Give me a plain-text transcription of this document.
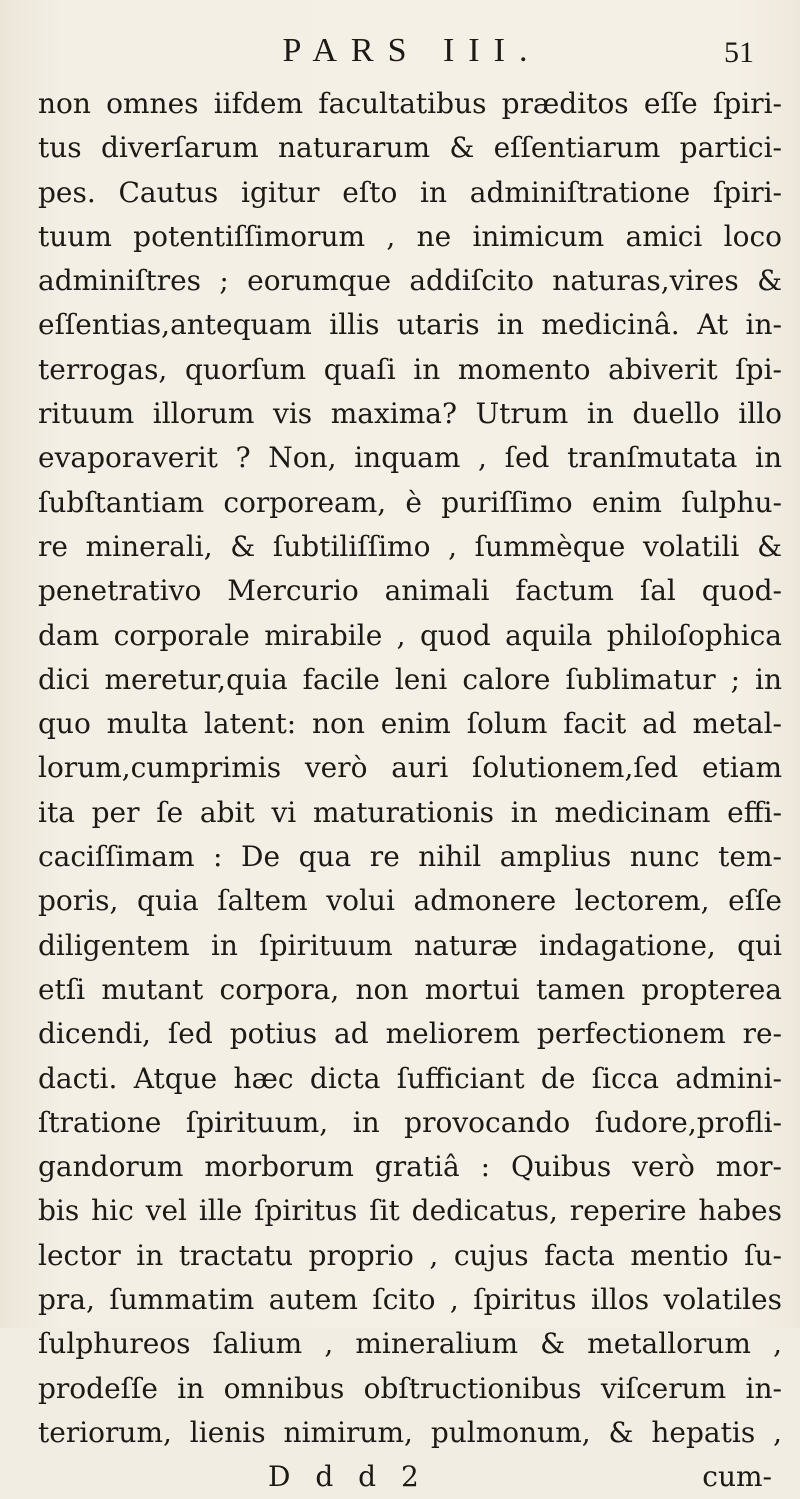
PARS III.	51
non omnes iifdem facultatibus præditos eſſe ſpiri-
tus diverſarum naturarum & eſſentiarum partici-
pes. Cautus igitur eſto in adminiſtratione ſpiri-
tuum potentiſſimorum , ne inimicum amici loco
adminiſtres ; eorumque addiſcito naturas,vires &
eſſentias,antequam illis utaris in medicinâ. At in-
terrogas, quorſum quaſi in momento abiverit ſpi-
rituum illorum vis maxima? Utrum in duello illo
evaporaverit ? Non, inquam , ſed tranſmutata in
ſubſtantiam corpoream, è puriſſimo enim ſulphu-
re minerali, & ſubtiliſſimo , ſummèque volatili &
penetrativo Mercurio animali factum ſal quod-
dam corporale mirabile , quod aquila philoſophica
dici meretur,quia facile leni calore ſublimatur ; in
quo multa latent: non enim ſolum facit ad metal-
lorum,cumprimis verò auri ſolutionem,ſed etiam
ita per ſe abit vi maturationis in medicinam effi-
caciſſimam : De qua re nihil amplius nunc tem-
poris, quia ſaltem volui admonere lectorem, eſſe
diligentem in ſpirituum naturæ indagatione, qui
etſi mutant corpora, non mortui tamen propterea
dicendi, ſed potius ad meliorem perfectionem re-
dacti. Atque hæc dicta ſufficiant de ſicca admini-
ſtratione ſpirituum, in provocando ſudore,profli-
gandorum morborum gratiâ : Quibus verò mor-
bis hic vel ille ſpiritus ſit dedicatus, reperire habes
lector in tractatu proprio , cujus facta mentio ſu-
pra, ſummatim autem ſcito , ſpiritus illos volatiles
ſulphureos ſalium , mineralium & metallorum ,
prodeſſe in omnibus obſtructionibus viſcerum in-
teriorum, lienis nimirum, pulmonum, & hepatis ,
D d d 2	cum-
